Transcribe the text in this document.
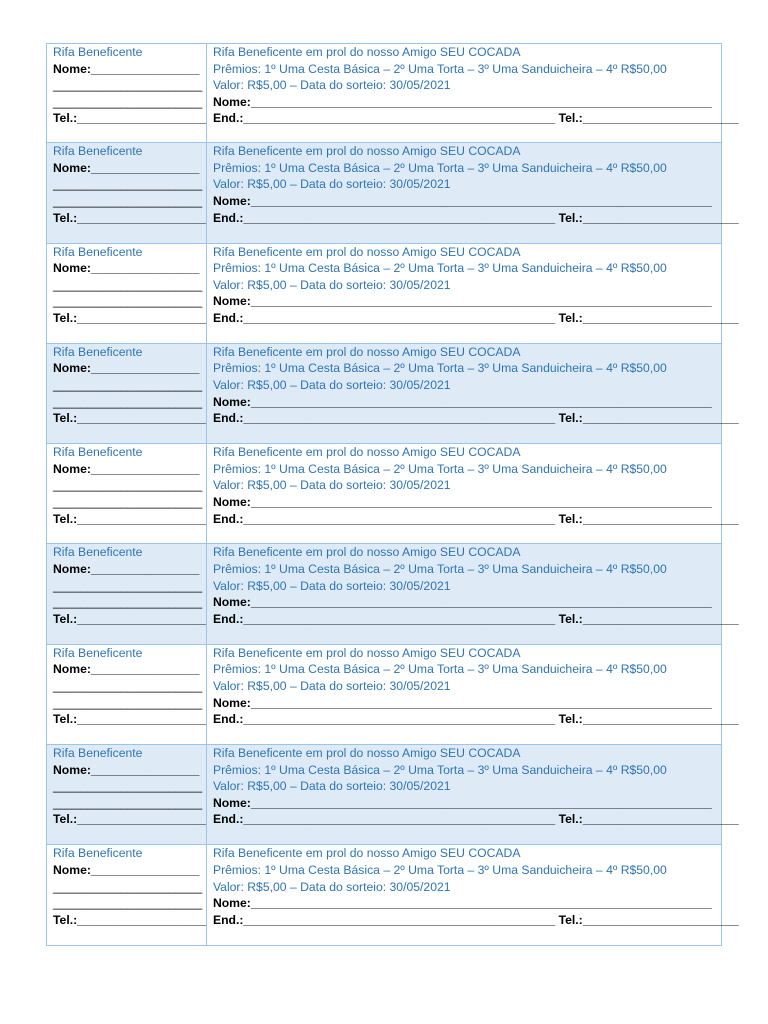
Rifa Beneficente
Nome:________________
______________________
______________________
Tel.:___________________
Rifa Beneficente em prol do nosso Amigo SEU COCADA
Prêmios: 1º Uma Cesta Básica – 2º Uma Torta – 3º Uma Sanduicheira – 4º R$50,00
Valor: R$5,00 – Data do sorteio: 30/05/2021
Nome:____________________________________________________________________
End.:______________________________________________ Tel.:_______________________
Rifa Beneficente
Nome:________________
______________________
______________________
Tel.:___________________
Rifa Beneficente em prol do nosso Amigo SEU COCADA
Prêmios: 1º Uma Cesta Básica – 2º Uma Torta – 3º Uma Sanduicheira – 4º R$50,00
Valor: R$5,00 – Data do sorteio: 30/05/2021
Nome:____________________________________________________________________
End.:______________________________________________ Tel.:_______________________
Rifa Beneficente
Nome:________________
______________________
______________________
Tel.:___________________
Rifa Beneficente em prol do nosso Amigo SEU COCADA
Prêmios: 1º Uma Cesta Básica – 2º Uma Torta – 3º Uma Sanduicheira – 4º R$50,00
Valor: R$5,00 – Data do sorteio: 30/05/2021
Nome:____________________________________________________________________
End.:______________________________________________ Tel.:_______________________
Rifa Beneficente
Nome:________________
______________________
______________________
Tel.:___________________
Rifa Beneficente em prol do nosso Amigo SEU COCADA
Prêmios: 1º Uma Cesta Básica – 2º Uma Torta – 3º Uma Sanduicheira – 4º R$50,00
Valor: R$5,00 – Data do sorteio: 30/05/2021
Nome:____________________________________________________________________
End.:______________________________________________ Tel.:_______________________
Rifa Beneficente
Nome:________________
______________________
______________________
Tel.:___________________
Rifa Beneficente em prol do nosso Amigo SEU COCADA
Prêmios: 1º Uma Cesta Básica – 2º Uma Torta – 3º Uma Sanduicheira – 4º R$50,00
Valor: R$5,00 – Data do sorteio: 30/05/2021
Nome:____________________________________________________________________
End.:______________________________________________ Tel.:_______________________
Rifa Beneficente
Nome:________________
______________________
______________________
Tel.:___________________
Rifa Beneficente em prol do nosso Amigo SEU COCADA
Prêmios: 1º Uma Cesta Básica – 2º Uma Torta – 3º Uma Sanduicheira – 4º R$50,00
Valor: R$5,00 – Data do sorteio: 30/05/2021
Nome:____________________________________________________________________
End.:______________________________________________ Tel.:_______________________
Rifa Beneficente
Nome:________________
______________________
______________________
Tel.:___________________
Rifa Beneficente em prol do nosso Amigo SEU COCADA
Prêmios: 1º Uma Cesta Básica – 2º Uma Torta – 3º Uma Sanduicheira – 4º R$50,00
Valor: R$5,00 – Data do sorteio: 30/05/2021
Nome:____________________________________________________________________
End.:______________________________________________ Tel.:_______________________
Rifa Beneficente
Nome:________________
______________________
______________________
Tel.:___________________
Rifa Beneficente em prol do nosso Amigo SEU COCADA
Prêmios: 1º Uma Cesta Básica – 2º Uma Torta – 3º Uma Sanduicheira – 4º R$50,00
Valor: R$5,00 – Data do sorteio: 30/05/2021
Nome:____________________________________________________________________
End.:______________________________________________ Tel.:_______________________
Rifa Beneficente
Nome:________________
______________________
______________________
Tel.:___________________
Rifa Beneficente em prol do nosso Amigo SEU COCADA
Prêmios: 1º Uma Cesta Básica – 2º Uma Torta – 3º Uma Sanduicheira – 4º R$50,00
Valor: R$5,00 – Data do sorteio: 30/05/2021
Nome:____________________________________________________________________
End.:______________________________________________ Tel.:_______________________
